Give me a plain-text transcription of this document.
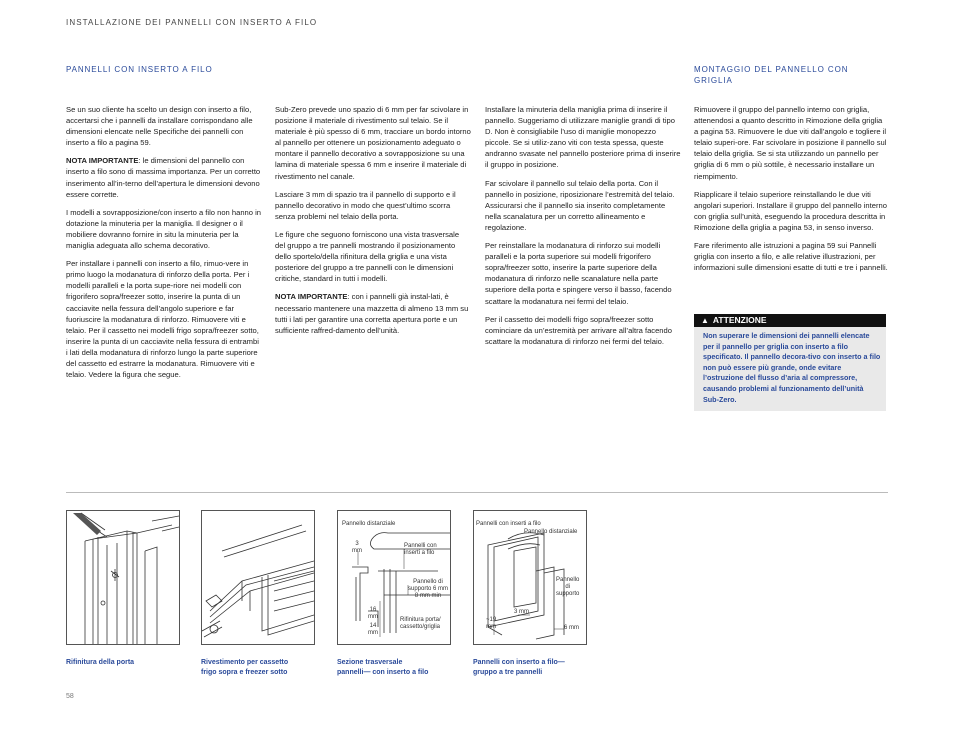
INSTALLAZIONE DEI PANNELLI CON INSERTO A FILO
PANNELLI CON INSERTO A FILO	MONTAGGIO DEL PANNELLO CON
GRIGLIA

Se un suo cliente ha scelto un design con inserto a filo, accertarsi che i pannelli da installare corrispondano alle dimensioni elencate nelle Specifiche dei pannelli con inserto a filo a pagina 59.

NOTA IMPORTANTE: le dimensioni del pannello con inserto a filo sono di massima importanza. Per un corretto inserimento all’in-terno dell’apertura le dimensioni devono essere corrette.

I modelli a sovrapposizione/con inserto a filo non hanno in dotazione la minuteria per la maniglia. Il designer o il mobiliere dovranno fornire in situ la minuteria per la maniglia adeguata allo schema decorativo.

Per installare i pannelli con inserto a filo, rimuo-vere in primo luogo la modanatura di rinforzo della porta. Per i modelli paralleli e la porta supe-riore nei modelli con frigorifero sopra/freezer sotto, inserire la punta di un cacciavite nella fessura dell’angolo superiore e far fuoriuscire la modanatura di rinforzo. Rimuovere viti e telaio. Per il cassetto nei modelli frigo sopra/freezer sotto, inserire la punta di un cacciavite nella fessura di entrambi i lati della modanatura di rinforzo lungo la parte superiore del cassetto ed estrarre la modanatura. Rimuovere viti e telaio. Vedere la figura che segue.

Sub-Zero prevede uno spazio di 6 mm per far scivolare in posizione il materiale di rivestimento sul telaio. Se il materiale è più spesso di 6 mm, tracciare un bordo intorno al pannello per ottenere un posizionamento adeguato o montare il pannello decorativo a sovrapposizione su una lamina di materiale spessa 6 mm e inserire il materiale di rivestimento nel canale.

Lasciare 3 mm di spazio tra il pannello di supporto e il pannello decorativo in modo che quest’ultimo scorra senza problemi nel telaio della porta.

Le figure che seguono forniscono una vista trasversale del gruppo a tre pannelli mostrando il posizionamento dello sportelo/della rifinitura della griglia e una vista posteriore del gruppo a tre pannelli con le dimensioni critiche, standard in tutti i modelli.

NOTA IMPORTANTE: con i pannelli già instal-lati, è necessario mantenere una mazzetta di almeno 13 mm su tutti i lati per garantire una corretta apertura porte e un sufficiente raffred-damento dell’unità.

Installare la minuteria della maniglia prima di inserire il pannello. Suggeriamo di utilizzare maniglie grandi di tipo D. Non è consigliabile l’uso di maniglie monopezzo piccole. Se si utiliz-zano viti con testa spessa, queste andranno svasate nel pannello posteriore prima di inserire il gruppo in posizione.

Far scivolare il pannello sul telaio della porta. Con il pannello in posizione, riposizionare l’estremità del telaio. Assicurarsi che il pannello sia inserito completamente nella scanalatura per un corretto allineamento e regolazione.

Per reinstallare la modanatura di rinforzo sui modelli paralleli e la porta superiore sui modelli frigorifero sopra/freezer sotto, inserire la parte superiore della modanatura di rinforzo nelle scanalature nella parte superiore della porta e spingere verso il basso, facendo scattare la modanatura nei fermi del telaio.

Per il cassetto dei modelli frigo sopra/freezer sotto cominciare da un’estremità per arrivare all’altra facendo scattare la modanatura di rinforzo nei fermi del telaio.

Rimuovere il gruppo del pannello interno con griglia, attenendosi a quanto descritto in Rimozione della griglia a pagina 53. Rimuovere le due viti dall’angolo e togliere il telaio superi-ore. Far scivolare in posizione il pannello sul telaio della griglia. Se si sta utilizzando un pannello per griglia di 6 mm o più sottile, è necessario installare un riempimento.

Riapplicare il telaio superiore reinstallando le due viti angolari superiori. Installare il gruppo del pannello interno con griglia sull’unità, eseguendo la procedura descritta in Rimozione della griglia a pagina 53, in senso inverso.

Fare riferimento alle istruzioni a pagina 59 sui Pannelli griglia con inserto a filo, e alle relative illustrazioni, per informazioni sulle dimensioni esatte di tutti e tre i pannelli.

▲ ATTENZIONE
Non superare le dimensioni dei pannelli elencate per il pannello per griglia con inserto a filo specificato. Il pannello decora-tivo con inserto a filo non può essere più grande, onde evitare l’ostruzione del flusso d’aria al compressore, causando problemi al funzionamento dell’unità Sub-Zero.
Pannello distanziale
3
mm
Pannelli con
inserti a filo
Pannello di
supporto 6 mm
8 mm min
16
mm
14
mm
Rifinitura porta/
cassetto/griglia
Pannelli con inserti a filo
Pannello distanziale
Pannello
di
supporto
3 mm
~19
mm	6 mm
Rifinitura della porta	Rivestimento per cassetto
frigo sopra e freezer sotto
Sezione trasversale
pannelli— con inserto a filo
Pannelli con inserto a filo—
gruppo a tre pannelli
58
